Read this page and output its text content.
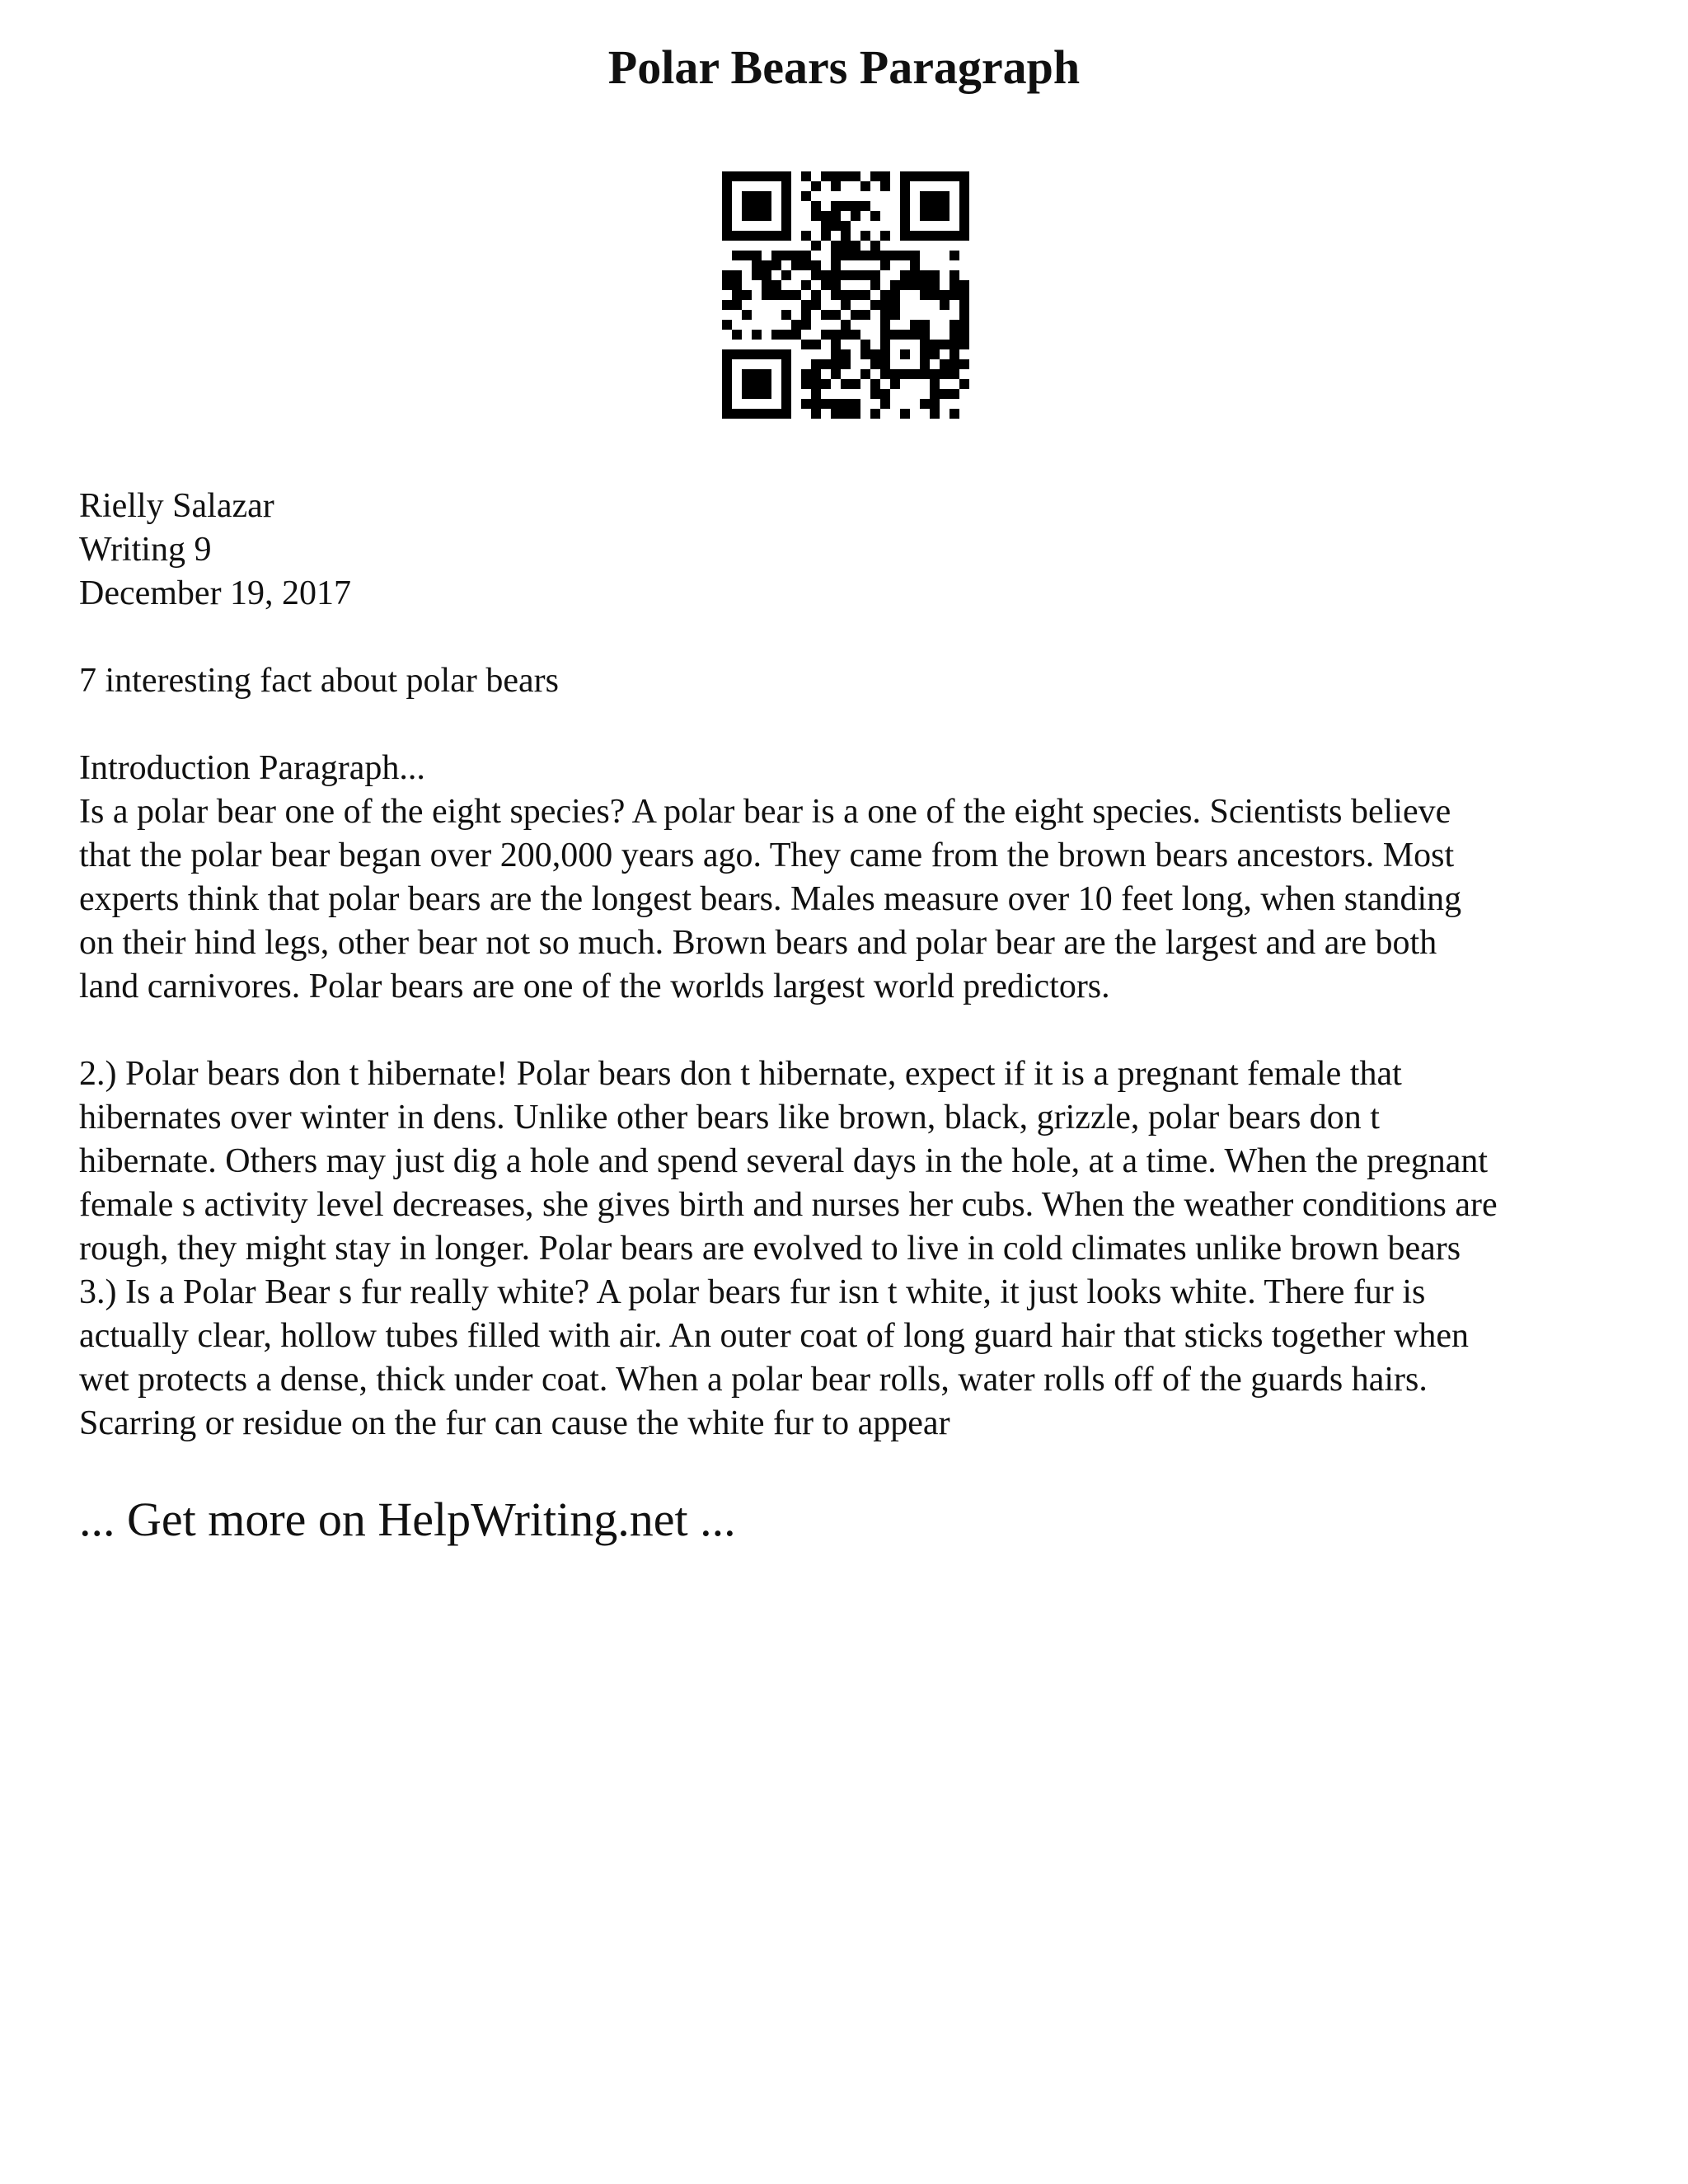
Polar Bears Paragraph

Rielly Salazar

Writing 9

December 19, 2017

7 interesting fact about polar bears

Introduction Paragraph...

Is a polar bear one of the eight species? A polar bear is a one of the eight species. Scientists believe

that the polar bear began over 200,000 years ago. They came from the brown bears ancestors. Most

experts think that polar bears are the longest bears. Males measure over 10 feet long, when standing

on their hind legs, other bear not so much. Brown bears and polar bear are the largest and are both

land carnivores. Polar bears are one of the worlds largest world predictors.

2.) Polar bears don t hibernate! Polar bears don t hibernate, expect if it is a pregnant female that

hibernates over winter in dens. Unlike other bears like brown, black, grizzle, polar bears don t

hibernate. Others may just dig a hole and spend several days in the hole, at a time. When the pregnant

female s activity level decreases, she gives birth and nurses her cubs. When the weather conditions are

rough, they might stay in longer. Polar bears are evolved to live in cold climates unlike brown bears

3.) Is a Polar Bear s fur really white? A polar bears fur isn t white, it just looks white. There fur is

actually clear, hollow tubes filled with air. An outer coat of long guard hair that sticks together when

wet protects a dense, thick under coat. When a polar bear rolls, water rolls off of the guards hairs.

Scarring or residue on the fur can cause the white fur to appear

... Get more on HelpWriting.net ...
